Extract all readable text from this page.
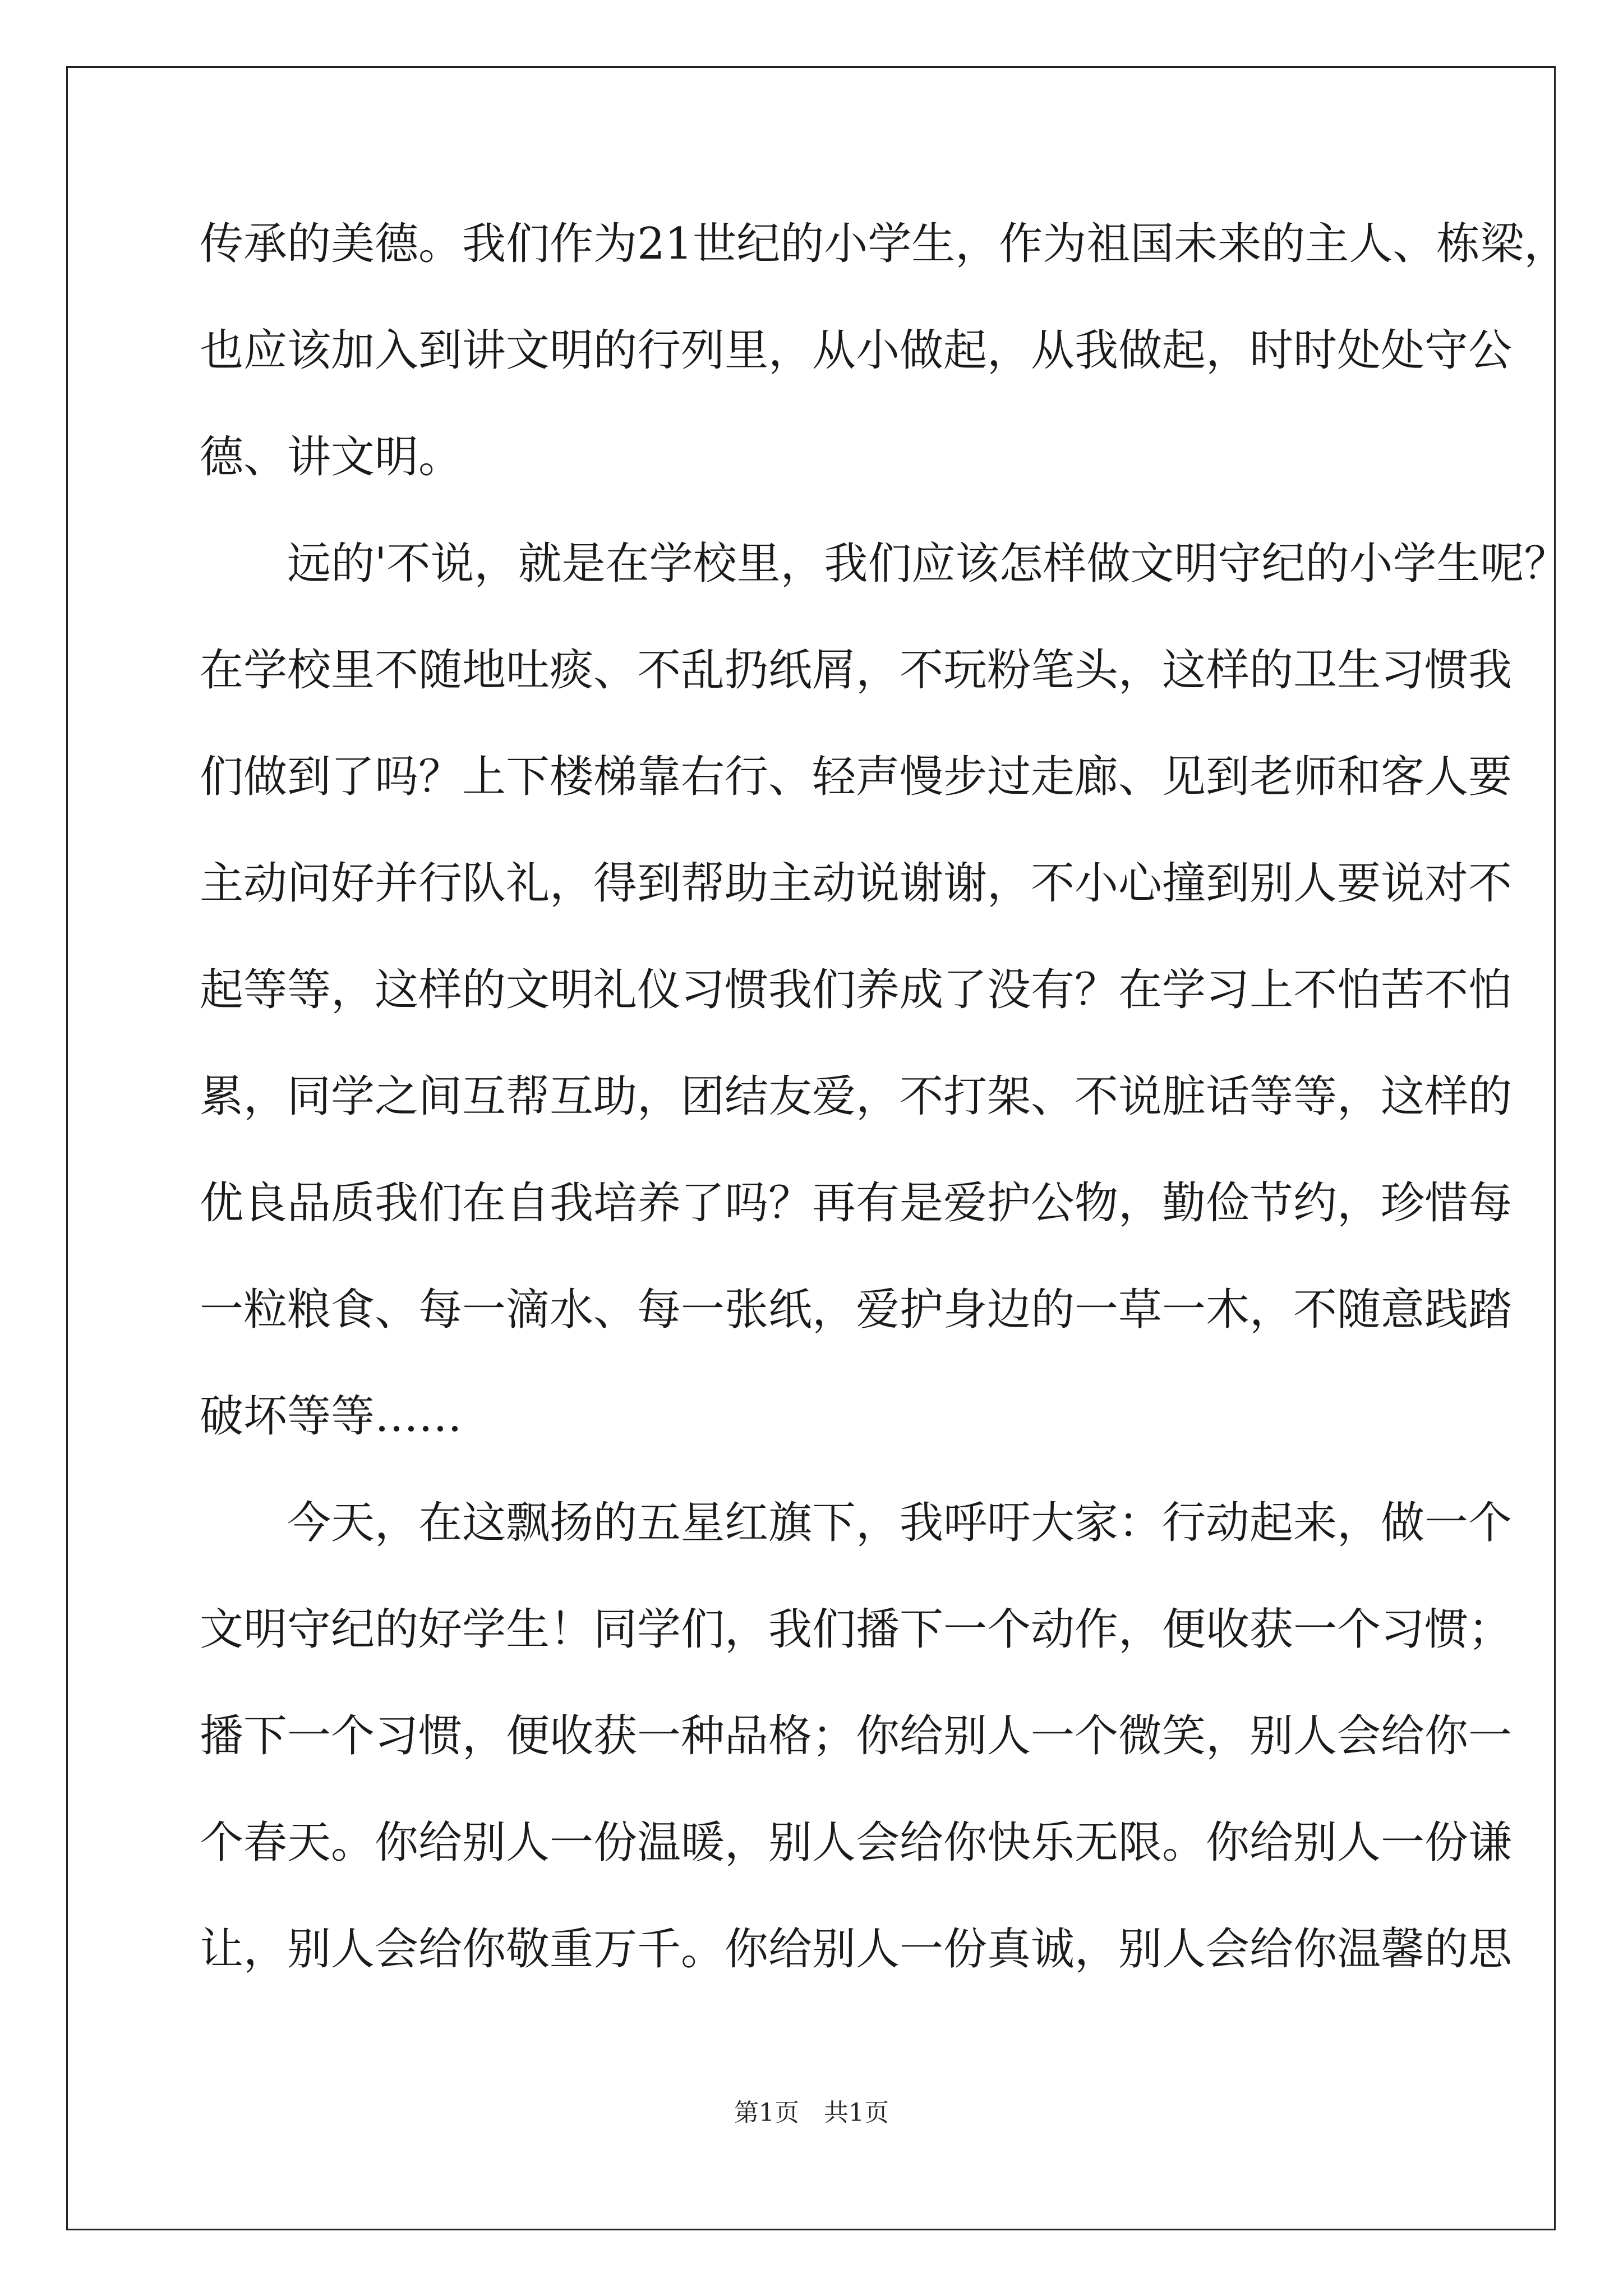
传承的美德。我们作为21世纪的小学生，作为祖国未来的主人、栋梁，
也应该加入到讲文明的行列里，从小做起，从我做起，时时处处守公
德、讲文明。
　　远的'不说，就是在学校里，我们应该怎样做文明守纪的小学生呢？
在学校里不随地吐痰、不乱扔纸屑，不玩粉笔头，这样的卫生习惯我
们做到了吗？上下楼梯靠右行、轻声慢步过走廊、见到老师和客人要
主动问好并行队礼，得到帮助主动说谢谢，不小心撞到别人要说对不
起等等，这样的文明礼仪习惯我们养成了没有？在学习上不怕苦不怕
累，同学之间互帮互助，团结友爱，不打架、不说脏话等等，这样的
优良品质我们在自我培养了吗？再有是爱护公物，勤俭节约，珍惜每
一粒粮食、每一滴水、每一张纸，爱护身边的一草一木，不随意践踏
破坏等等……
　　今天，在这飘扬的五星红旗下，我呼吁大家：行动起来，做一个
文明守纪的好学生！同学们，我们播下一个动作，便收获一个习惯；
播下一个习惯，便收获一种品格；你给别人一个微笑，别人会给你一
个春天。你给别人一份温暖，别人会给你快乐无限。你给别人一份谦
让，别人会给你敬重万千。你给别人一份真诚，别人会给你温馨的思
第1页　共1页
